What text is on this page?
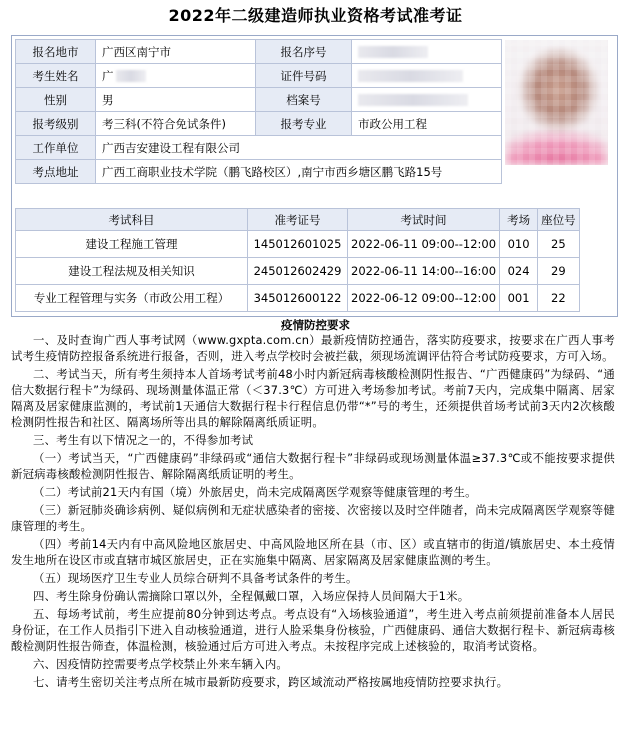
2022年二级建造师执业资格考试准考证
报名地市	广西区南宁市	报名序号	
考生姓名	广	证件号码	
性别	男	档案号	
报考级别	考三科(不符合免试条件)	报考专业	市政公用工程
工作单位	广西吉安建设工程有限公司		
考点地址	广西工商职业技术学院（鹏飞路校区）,南宁市西乡塘区鹏飞路15号		
考试科目	准考证号	考试时间	考场	座位号
建设工程施工管理	145012601025	2022-06-11 09:00--12:00	010	25
建设工程法规及相关知识	245012602429	2022-06-11 14:00--16:00	024	29
专业工程管理与实务（市政公用工程）	345012600122	2022-06-12 09:00--12:00	001	22
疫情防控要求

一、及时查询广西人事考试网（www.gxpta.com.cn）最新疫情防控通告，落实防疫要求，按要求在广西人事考试考生疫情防控报备系统进行报备，否则，进入考点学校时会被拦截，须现场流调评估符合考试防疫要求，方可入场。

二、考试当天，所有考生须持本人首场考试考前48小时内新冠病毒核酸检测阴性报告、“广西健康码”为绿码、“通信大数据行程卡”为绿码、现场测量体温正常（＜37.3℃）方可进入考场参加考试。考前7天内，完成集中隔离、居家隔离及居家健康监测的，考试前1天通信大数据行程卡行程信息仍带“*”号的考生，还须提供首场考试前3天内2次核酸检测阴性报告和社区、隔离场所等出具的解除隔离纸质证明。

三、考生有以下情况之一的，不得参加考试

（一）考试当天，“广西健康码”非绿码或“通信大数据行程卡”非绿码或现场测量体温≥37.3℃或不能按要求提供新冠病毒核酸检测阴性报告、解除隔离纸质证明的考生。

（二）考试前21天内有国（境）外旅居史，尚未完成隔离医学观察等健康管理的考生。

（三）新冠肺炎确诊病例、疑似病例和无症状感染者的密接、次密接以及时空伴随者，尚未完成隔离医学观察等健康管理的考生。

（四）考前14天内有中高风险地区旅居史、中高风险地区所在县（市、区）或直辖市的街道/镇旅居史、本土疫情发生地所在设区市或直辖市城区旅居史，正在实施集中隔离、居家隔离及居家健康监测的考生。

（五）现场医疗卫生专业人员综合研判不具备考试条件的考生。

四、考生除身份确认需摘除口罩以外，全程佩戴口罩，入场应保持人员间隔大于1米。

五、每场考试前，考生应提前80分钟到达考点。考点设有“入场核验通道”，考生进入考点前须提前准备本人居民身份证，在工作人员指引下进入自动核验通道，进行人脸采集身份核验，广西健康码、通信大数据行程卡、新冠病毒核酸检测阴性报告筛查，体温检测，核验通过后方可进入考点。未按程序完成上述核验的，取消考试资格。

六、因疫情防控需要考点学校禁止外来车辆入内。

七、请考生密切关注考点所在城市最新防疫要求，跨区域流动严格按属地疫情防控要求执行。
